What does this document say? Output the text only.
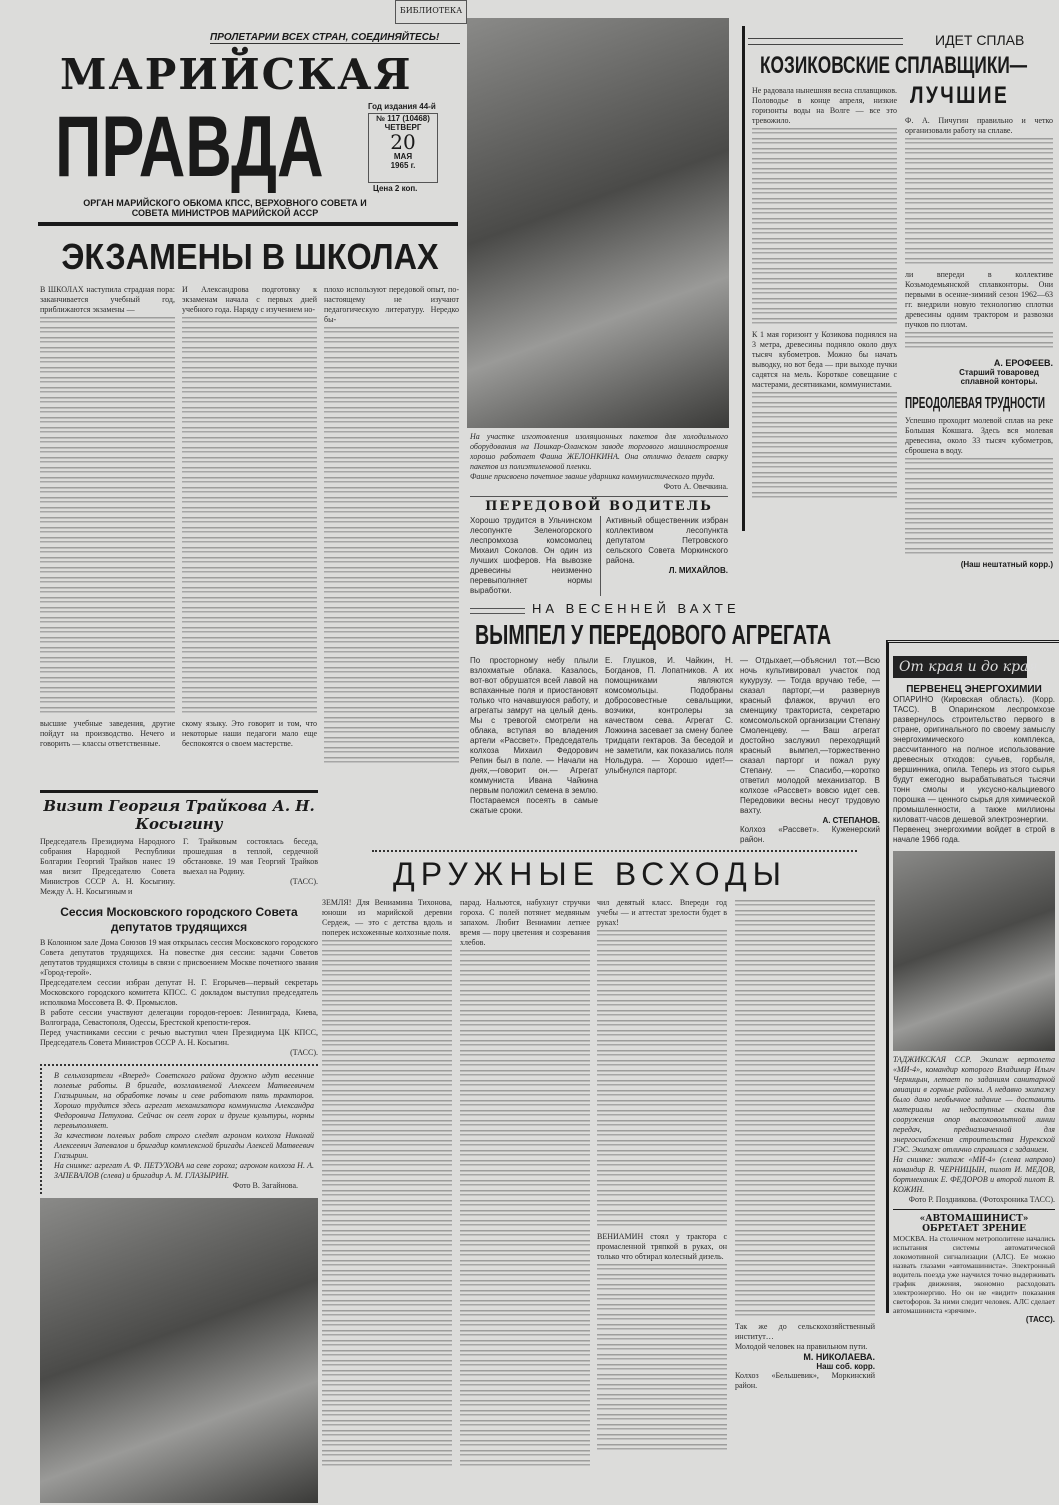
БИБЛИОТЕКА
ПРОЛЕТАРИИ ВСЕХ СТРАН, СОЕДИНЯЙТЕСЬ!
МАРИЙСКАЯ
ПРАВДА	Год издания 44-й
№ 117 (10468)
ЧЕТВЕРГ
20
МАЯ
1965 г.
Цена 2 коп.
ОРГАН МАРИЙСКОГО ОБКОМА КПСС, ВЕРХОВНОГО СОВЕТА И СОВЕТА МИНИСТРОВ МАРИЙСКОЙ АССР
ЭКЗАМЕНЫ В ШКОЛАХ
В ШКОЛАХ наступила страдная пора: заканчивается учебный год, приближаются экзамены —
высшие учебные заведения, другие пойдут на производство. Нечего и говорить — классы ответственные.
И Александрова подготовку к экзаменам начала с первых дней учебного года. Наряду с изучением но-
скому языку. Это говорит и том, что некоторые наши педагоги мало еще беспокоятся о своем мастерстве.
плохо используют передовой опыт, по-настоящему не изучают педагогическую литературу. Нередко бы-
Визит Георгия Трайкова А. Н. Косыгину
Председатель Президиума Народного собрания Народной Республики Болгарии Георгий Трайков нанес 19 мая визит Председателю Совета Министров СССР А. Н. Косыгину. Между А. Н. Косыгиным и
Г. Трайковым состоялась беседа, прошедшая в теплой, сердечной обстановке. 19 мая Георгий Трайков выехал на Родину.
(ТАСС).
Сессия Московского городского Совета депутатов трудящихся
В Колонном зале Дома Союзов 19 мая открылась сессия Московского городского Совета депутатов трудящихся. На повестке дня сессии: задачи Советов депутатов трудящихся столицы в связи с присвоением Москве почетного звания «Город-герой».
Председателем сессии избран депутат Н. Г. Егорычев—первый секретарь Московского городского комитета КПСС. С докладом выступил председатель исполкома Моссовета В. Ф. Промыслов.
В работе сессии участвуют делегации городов-героев: Ленинграда, Киева, Волгограда, Севастополя, Одессы, Брестской крепости-героя.
Перед участниками сессии с речью выступил член Президиума ЦК КПСС, Председатель Совета Министров СССР А. Н. Косыгин.
(ТАСС).
В сельхозартели «Вперед» Советского района дружно идут весенние полевые работы. В бригаде, возглавляемой Алексеем Матвеевичем Глазыриным, на обработке почвы и севе работают пять тракторов. Хорошо трудится здесь агрегат механизатора коммуниста Александра Федоровича Петухова. Сейчас он сеет горох и другие культуры, нормы перевыполняет.
За качеством полевых работ строго следят агроном колхоза Николай Алексеевич Запевалов и бригадир комплексной бригады Алексей Матвеевич Глазырин.
На снимке: агрегат А. Ф. ПЕТУХОВА на севе гороха; агроном колхоза Н. А. ЗАПЕВАЛОВ (слева) и бригадир А. М. ГЛАЗЫРИН.
Фото В. Загайнова.
На участке изготовления изоляционных пакетов для холодильного оборудования на Пошкар-Оланском заводе торгового машиностроения хорошо работает Фаина ЖЕЛОНКИНА. Она отлично делает сварку пакетов из полиэтиленовой пленки.
Фаине присвоено почетное звание ударника коммунистического труда.
Фото А. Овечкина.
ПЕРЕДОВОЙ ВОДИТЕЛЬ
Хорошо трудится в Ульчинском лесопункте Зеленогорского леспромхоза комсомолец Михаил Соколов. Он один из лучших шоферов. На вывозке древесины неизменно перевыполняет нормы выработки.
Активный общественник избран коллективом лесопункта депутатом Петровского сельского Совета Моркинского района.
Л. МИХАЙЛОВ.
НА ВЕСЕННЕЙ ВАХТЕ
ВЫМПЕЛ У ПЕРЕДОВОГО АГРЕГАТА
По просторному небу плыли взлохматые облака. Казалось, вот-вот обрушатся всей лавой на вспаханные поля и приостановят только что начавшуюся работу, и агрегаты замрут на целый день. Мы с тревогой смотрели на облака, вступая во владения артели «Рассвет». Председатель колхоза Михаил Федорович Репин был в поле. — Начали на днях,—говорит он.— Агрегат коммуниста Ивана Чайкина первым положил семена в землю. Постараемся посеять в самые сжатые сроки.
Е. Глушков, И. Чайкин, Н. Богданов, П. Лопатников. А их помощниками являются комсомольцы. Подобраны добросовестные севальщики, возчики, контролеры за качеством сева. Агрегат С. Ложкина засевает за смену более тридцати гектаров. За беседой и не заметили, как показались поля Нольдура. — Хорошо идет!—улыбнулся парторг.
— Отдыхает,—объяснил тот.—Всю ночь культивировал участок под кукурузу. — Тогда вручаю тебе, — сказал парторг,—и развернув красный флажок, вручил его сменщику тракториста, секретарю комсомольской организации Степану Смоленцеву. — Ваш агрегат достойно заслужил переходящий красный вымпел,—торжественно сказал парторг и пожал руку Степану. — Спасибо,—коротко ответил молодой механизатор. В колхозе «Рассвет» вовсю идет сев. Передовики весны несут трудовую вахту.
А. СТЕПАНОВ.
Колхоз «Рассвет». Куженерский район.
ДРУЖНЫЕ ВСХОДЫ
ЗЕМЛЯ! Для Вениамина Тихонова, юноши из марийской деревни Сердеж, — это с детства вдоль и поперек исхоженные колхозные поля.
парад. Нальются, набухнут стручки гороха. С полей потянет медвяным запахом. Любит Вениамин летнее время — пору цветения и созревания хлебов.
чил девятый класс. Впереди год учебы — и аттестат зрелости будет в руках!
ВЕНИАМИН стоял у трактора с промасленной тряпкой в руках, он только что обтирал колесный дизель.
Так же до сельскохозяйственный институт…
Молодой человек на правильном пути.
М. НИКОЛАЕВА.
Наш соб. корр.
Колхоз «Бельшевик», Моркинский район.
ИДЕТ СПЛАВ
КОЗИКОВСКИЕ СПЛАВЩИКИ—
ЛУЧШИЕ
Не радовала нынешняя весна сплавщиков. Половодье в конце апреля, низкие горизонты воды на Волге — все это тревожило.
К 1 мая горизонт у Козикова поднялся на 3 метра, древесины подняло около двух тысяч кубометров. Можно бы начать выводку, но вот беда — при выходе пучки садятся на мель. Короткое совещание с мастерами, десятниками, коммунистами.
Ф. А. Пичугин правильно и четко организовали работу на сплаве.
ли впереди в коллективе Козьмодемьянской сплавконторы. Они первыми в осенне-зимний сезон 1962—63 гг. внедрили новую технологию сплотки древесины одним трактором и развозки пучков по плотам.
А. ЕРОФЕЕВ.
Старший товаровед сплавной конторы.
ПРЕОДОЛЕВАЯ ТРУДНОСТИ
Успешно проходит молевой сплав на реке Большая Кокшага. Здесь вся молевая древесина, около 33 тысяч кубометров, сброшена в воду.
(Наш нештатный корр.)
От края и до края
ПЕРВЕНЕЦ ЭНЕРГОХИМИИ
ОПАРИНО (Кировская область). (Корр. ТАСС). В Опаринском леспромхозе развернулось строительство первого в стране, оригинального по своему замыслу энергохимического комплекса, рассчитанного на полное использование древесных отходов: сучьев, горбыля, вершинника, опила. Теперь из этого сырья будут ежегодно вырабатываться тысячи тонн смолы и уксусно-кальциевого порошка — ценного сырья для химической промышленности, а также миллионы киловатт-часов дешевой электроэнергии.
Первенец энергохимии войдет в строй в начале 1966 года.
ТАДЖИКСКАЯ ССР. Экипаж вертолета «МИ-4», командир которого Владимир Ильич Черницын, летает по заданиям санитарной авиации в горные районы. А недавно экипажу было дано необычное задание — доставить материалы на недоступные скалы для сооружения опор высоковольтной линии передач, предназначенной для энергоснабжения строительства Нурекской ГЭС. Экипаж отлично справился с заданием.
На снимке: экипаж «МИ-4» (слева направо) командир В. ЧЕРНИЦЫН, пилот И. МЕДОВ, бортмеханик Е. ФЕДОРОВ и второй пилот В. КОЖИН.
Фото Р. Поздникова. (Фотохроника ТАСС).
«АВТОМАШИНИСТ» ОБРЕТАЕТ ЗРЕНИЕ
МОСКВА. На столичном метрополитене начались испытания системы автоматической локомотивной сигнализации (АЛС). Ее можно назвать глазами «автомашиниста». Электронный водитель поезда уже научился точно выдерживать график движения, экономно расходовать электроэнергию. Но он не «видит» показания светофоров. За ними следит человек. АЛС сделает автомашиниста «зрячим».
(ТАСС).
